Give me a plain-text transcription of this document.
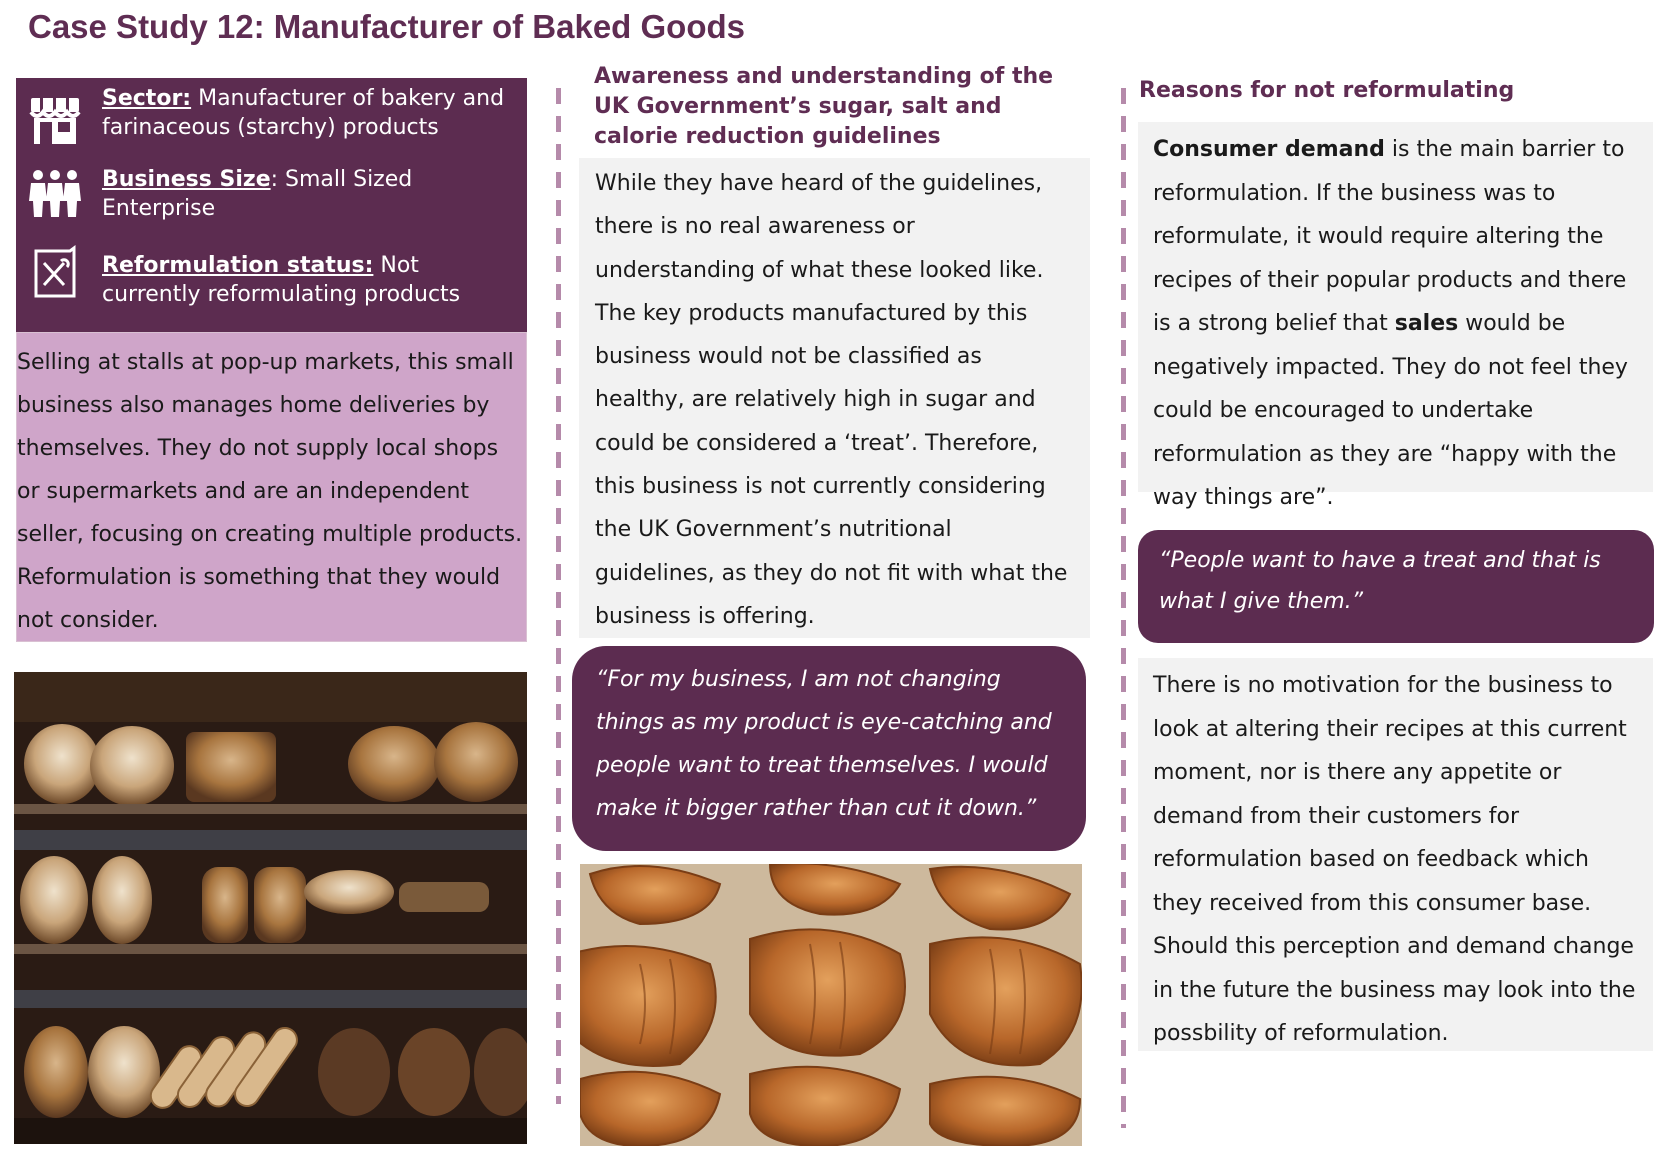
Case Study 12: Manufacturer of Baked Goods
Sector: Manufacturer of bakery and farinaceous (starchy) products
Business Size: Small Sized Enterprise
Reformulation status: Not currently reformulating products

Selling at stalls at pop-up markets, this small business also manages home deliveries by themselves. They do not supply local shops or supermarkets and are an independent seller, focusing on creating multiple products. Reformulation is something that they would not consider.

Awareness and understanding of the UK Government’s sugar, salt and calorie reduction guidelines

While they have heard of the guidelines, there is no real awareness or understanding of what these looked like. The key products manufactured by this business would not be classified as healthy, are relatively high in sugar and could be considered a ‘treat’. Therefore, this business is not currently considering the UK Government’s nutritional guidelines, as they do not fit with what the business is offering.

“For my business, I am not changing things as my product is eye-catching and people want to treat themselves. I would make it bigger rather than cut it down.”

Reasons for not reformulating

Consumer demand is the main barrier to reformulation. If the business was to reformulate, it would require altering the recipes of their popular products and there is a strong belief that sales would be negatively impacted. They do not feel they could be encouraged to undertake reformulation as they are “happy with the way things are”.

“People want to have a treat and that is what I give them.”

There is no motivation for the business to look at altering their recipes at this current moment, nor is there any appetite or demand from their customers for reformulation based on feedback which they received from this consumer base. Should this perception and demand change in the future the business may look into the possbility of reformulation.
